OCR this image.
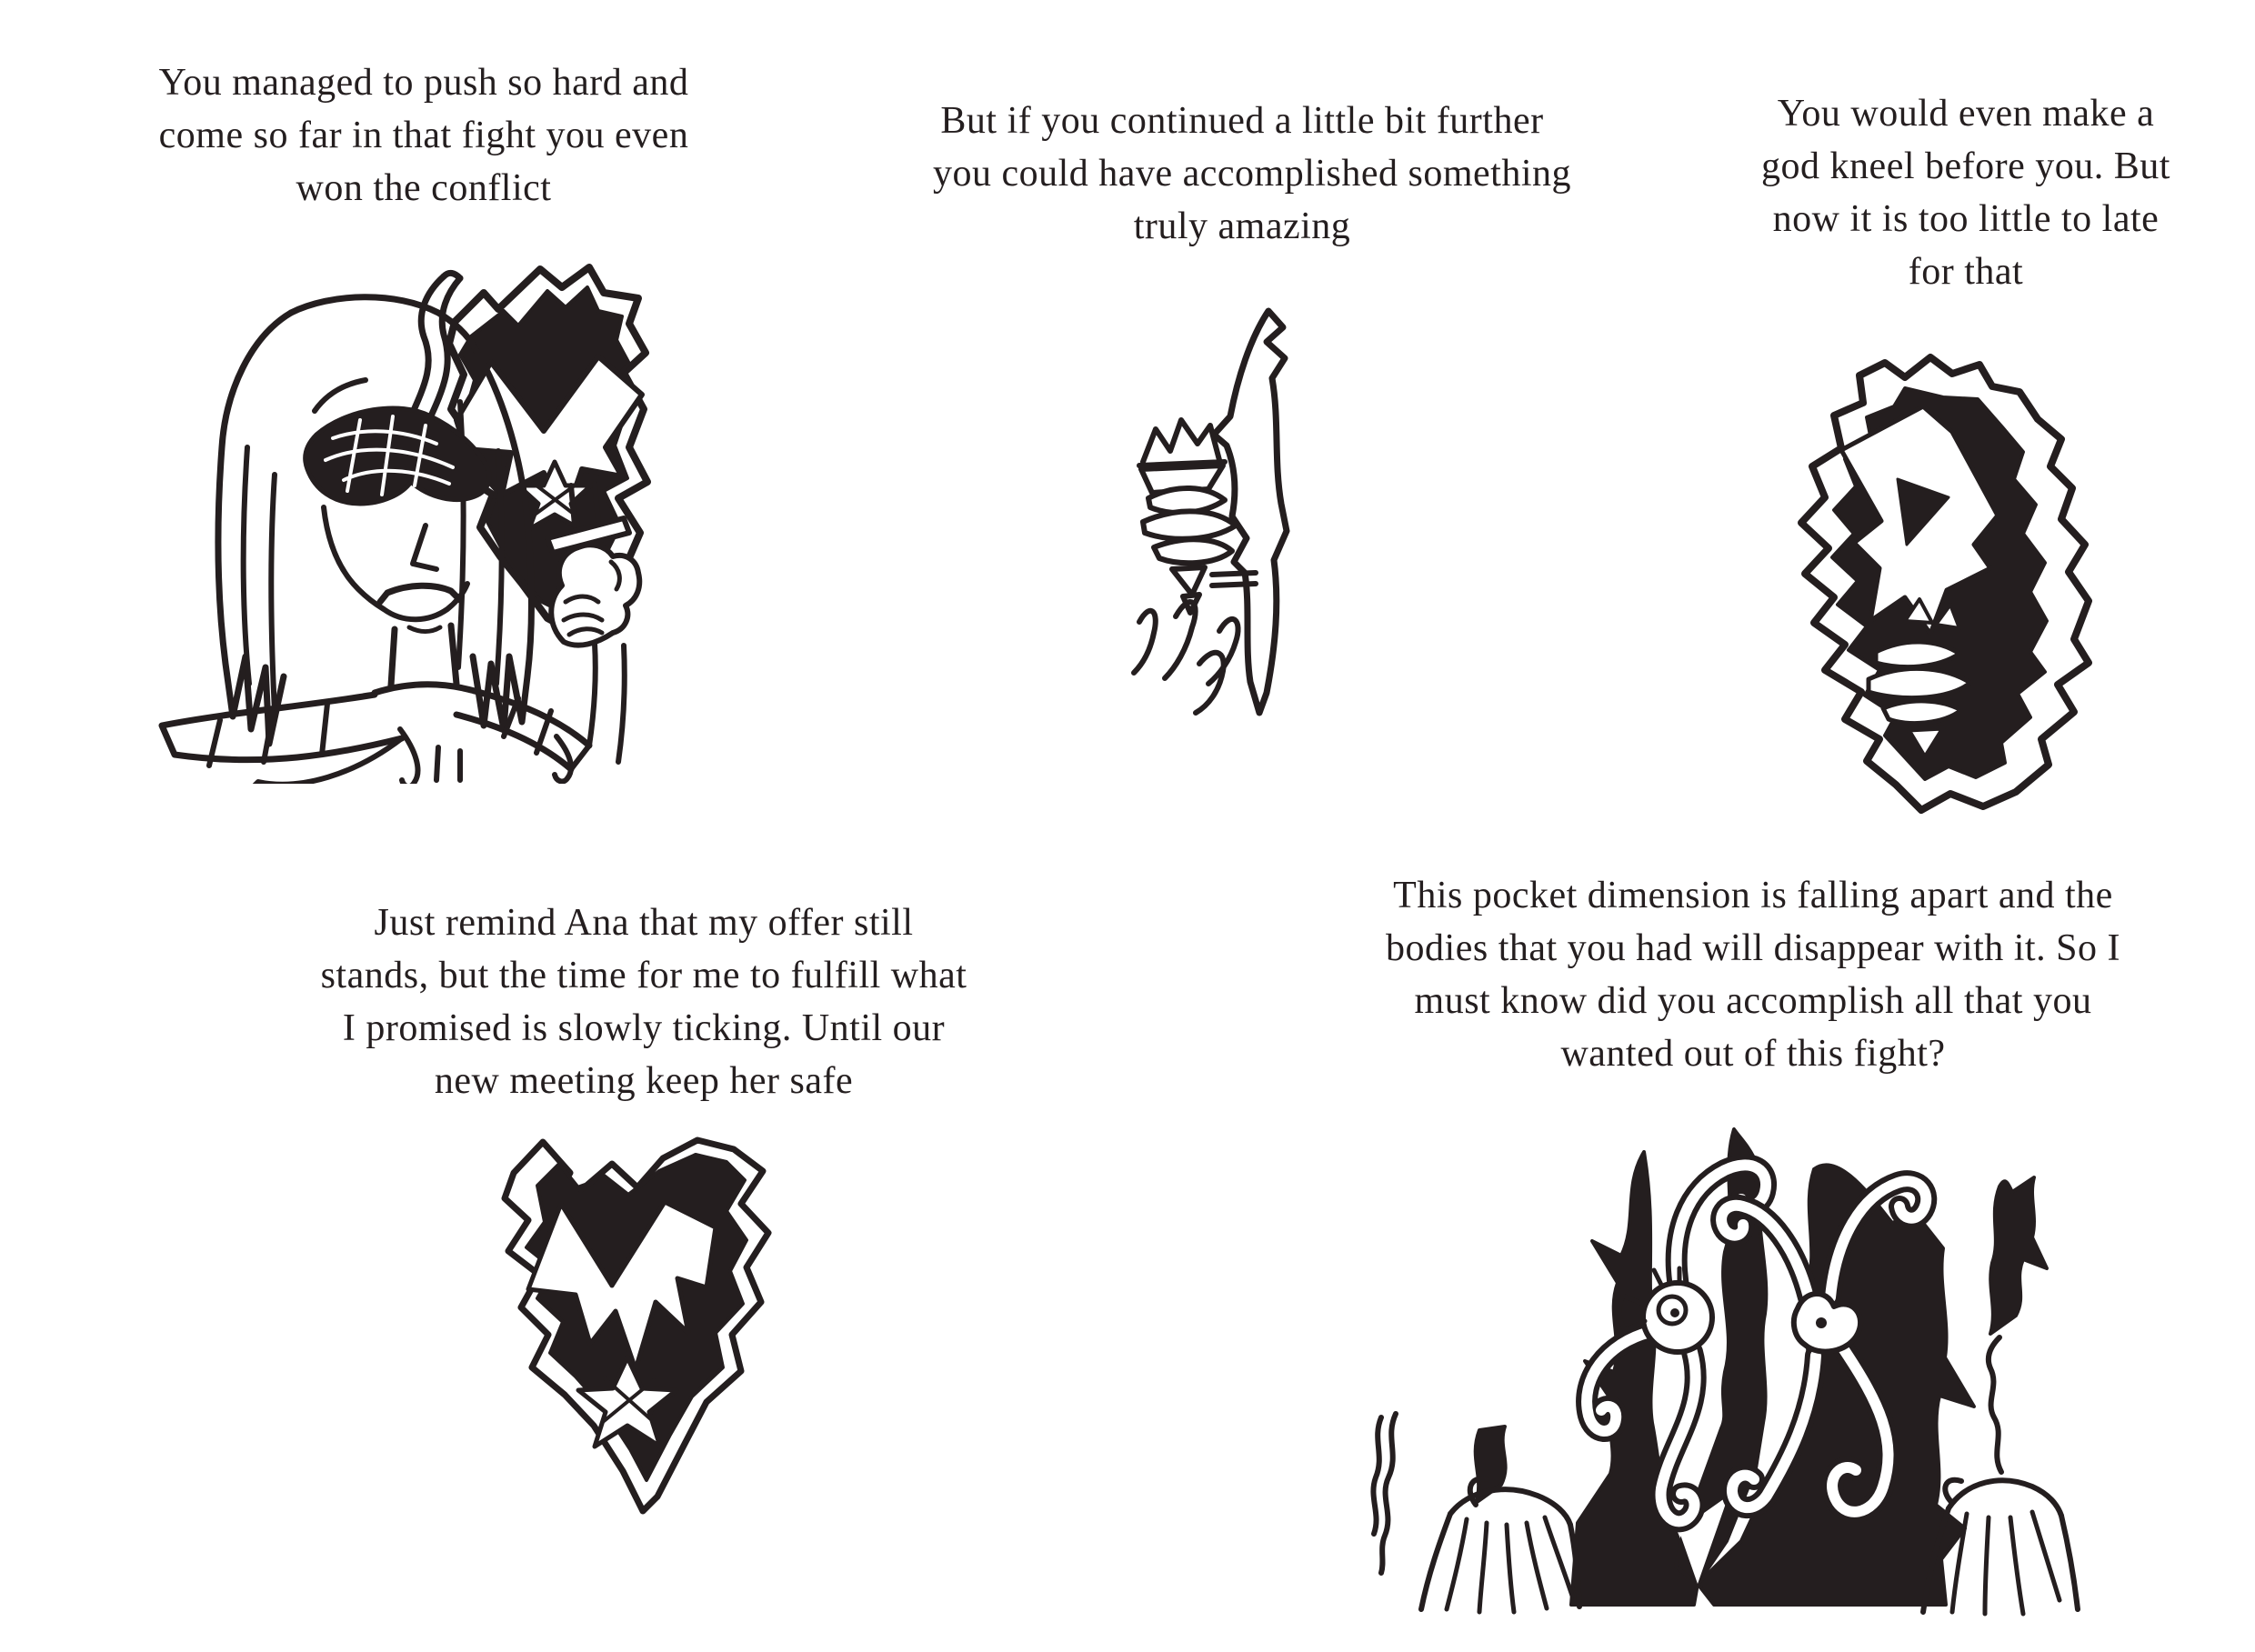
You managed to push so hard and
come so far in that fight you even
won the conflict
But if you continued a little bit further
you could have accomplished something
truly amazing
You would even make a
god kneel before you. But
now it is too little to late
for that
Just remind Ana that my offer still
stands, but the time for me to fulfill what
I promised is slowly ticking. Until our
new meeting keep her safe
This pocket dimension is falling apart and the
bodies that you had will disappear with it. So I
must know did you accomplish all that you
wanted out of this fight?
